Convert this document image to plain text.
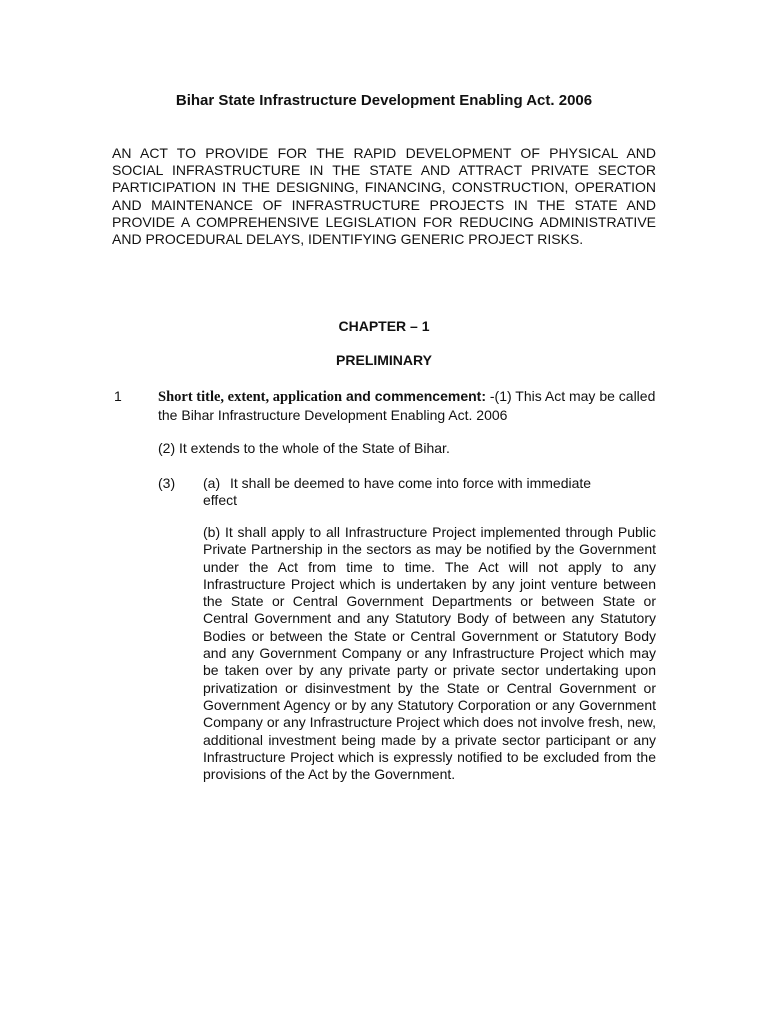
Bihar State Infrastructure Development Enabling Act. 2006
AN ACT TO PROVIDE FOR THE RAPID DEVELOPMENT OF PHYSICAL AND SOCIAL INFRASTRUCTURE IN THE STATE AND ATTRACT PRIVATE SECTOR PARTICIPATION IN THE DESIGNING, FINANCING, CONSTRUCTION, OPERATION AND MAINTENANCE OF INFRASTRUCTURE PROJECTS IN THE STATE AND PROVIDE A COMPREHENSIVE LEGISLATION FOR REDUCING ADMINISTRATIVE AND PROCEDURAL DELAYS, IDENTIFYING GENERIC PROJECT RISKS.
CHAPTER – 1
PRELIMINARY
1 Short title, extent, application and commencement: -(1) This Act may be called the Bihar Infrastructure Development Enabling Act. 2006
(2) It extends to the whole of the State of Bihar.
(3) (a) It shall be deemed to have come into force with immediate
effect
(b) It shall apply to all Infrastructure Project implemented through Public Private Partnership in the sectors as may be notified by the Government under the Act from time to time. The Act will not apply to any Infrastructure Project which is undertaken by any joint venture between the State or Central Government Departments or between State or Central Government and any Statutory Body of between any Statutory Bodies or between the State or Central Government or Statutory Body and any Government Company or any Infrastructure Project which may be taken over by any private party or private sector undertaking upon privatization or disinvestment by the State or Central Government or Government Agency or by any Statutory Corporation or any Government Company or any Infrastructure Project which does not involve fresh, new, additional investment being made by a private sector participant or any Infrastructure Project which is expressly notified to be excluded from the provisions of the Act by the Government.
